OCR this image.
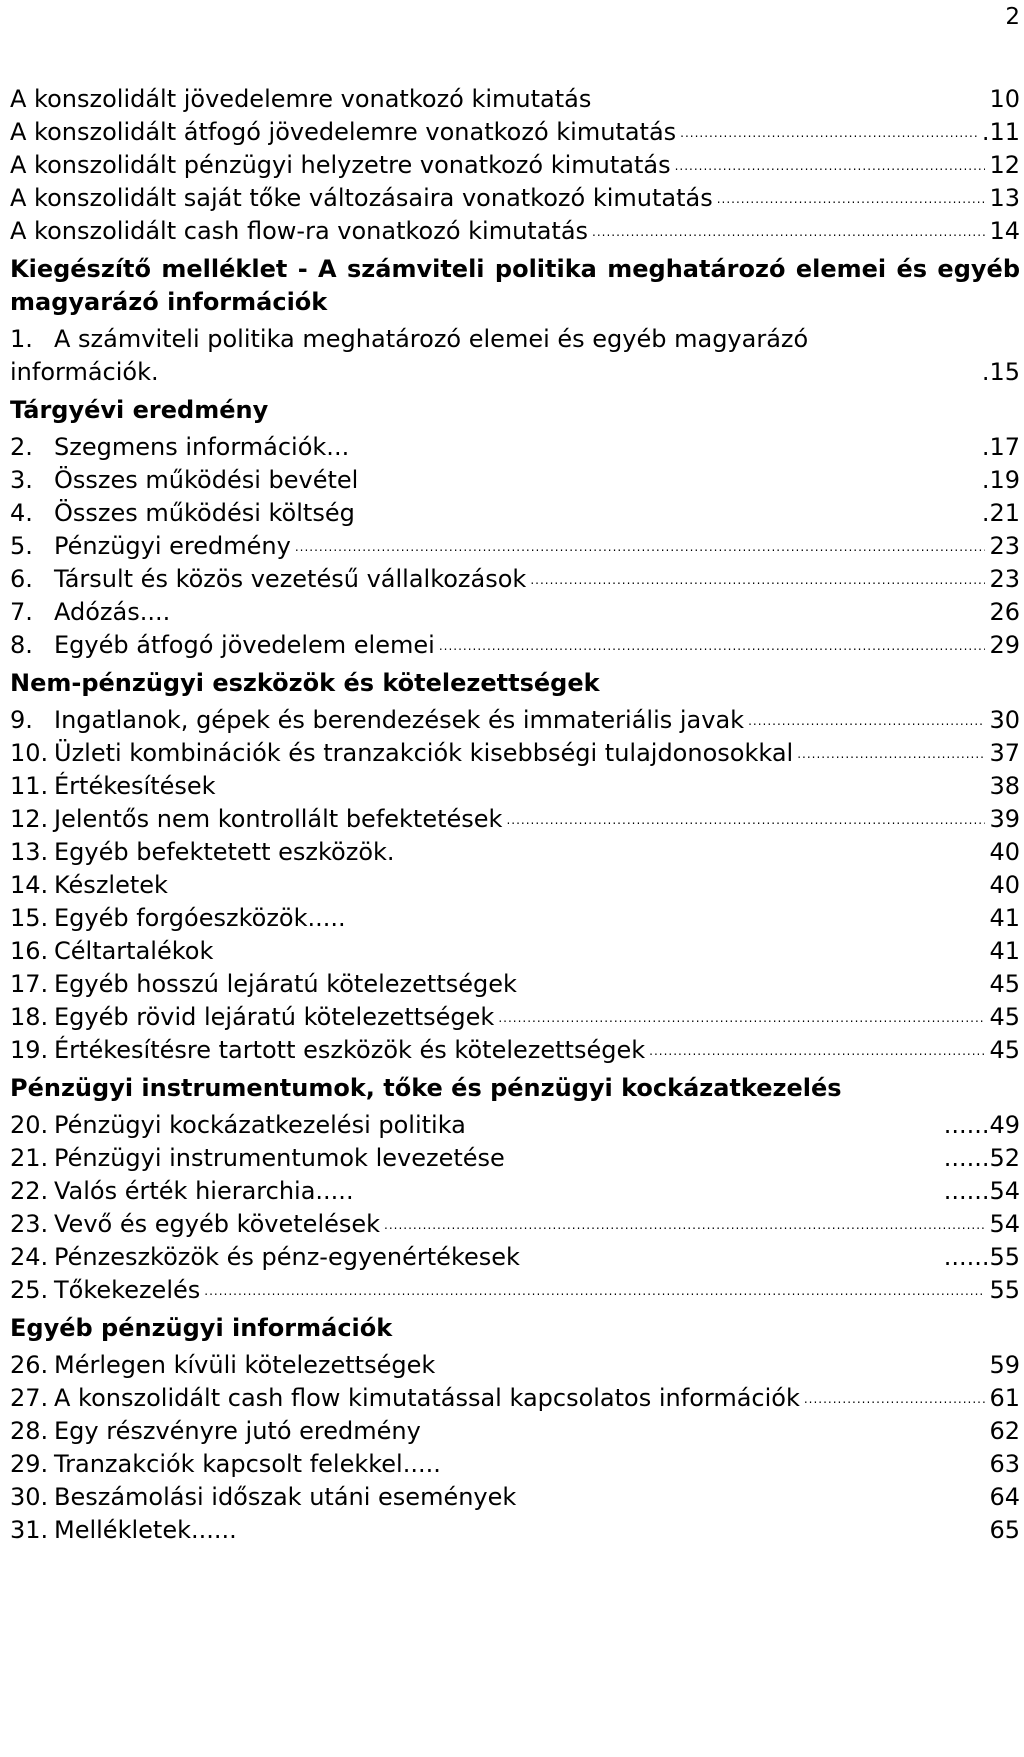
2
A konszolidált jövedelemre vonatkozó kimutatás	10
A konszolidált átfogó jövedelemre vonatkozó kimutatás .....	.11
A konszolidált pénzügyi helyzetre vonatkozó kimutatás .....	12
A konszolidált saját tőke változásaira vonatkozó kimutatás .....	13
A konszolidált cash flow-ra vonatkozó kimutatás .....	14
Kiegészítő melléklet - A számviteli politika meghatározó elemei és egyéb magyarázó információk
1. A számviteli politika meghatározó elemei és egyéb magyarázó
információk.	.15
Tárgyévi eredmény
2. Szegmens információk...	.17
3. Összes működési bevétel	.19
4. Összes működési költség	.21
5. Pénzügyi eredmény .....	23
6. Társult és közös vezetésű vállalkozások .....	23
7. Adózás....	26
8. Egyéb átfogó jövedelem elemei .....	29
Nem-pénzügyi eszközök és kötelezettségek
9. Ingatlanok, gépek és berendezések és immateriális javak .....	30
10. Üzleti kombinációk és tranzakciók kisebbségi tulajdonosokkal .....	37
11. Értékesítések	38
12. Jelentős nem kontrollált befektetések .....	39
13. Egyéb befektetett eszközök.	40
14. Készletek	40
15. Egyéb forgóeszközök.....	41
16. Céltartalékok	41
17. Egyéb hosszú lejáratú kötelezettségek	45
18. Egyéb rövid lejáratú kötelezettségek .....	45
19. Értékesítésre tartott eszközök és kötelezettségek .....	45
Pénzügyi instrumentumok, tőke és pénzügyi kockázatkezelés
20. Pénzügyi kockázatkezelési politika	......49
21. Pénzügyi instrumentumok levezetése	......52
22. Valós érték hierarchia.....	......54
23. Vevő és egyéb követelések .....	54
24. Pénzeszközök és pénz-egyenértékesek	......55
25. Tőkekezelés .....	55
Egyéb pénzügyi információk
26. Mérlegen kívüli kötelezettségek	59
27. A konszolidált cash flow kimutatással kapcsolatos információk .....	61
28. Egy részvényre jutó eredmény	62
29. Tranzakciók kapcsolt felekkel.....	63
30. Beszámolási időszak utáni események	64
31. Mellékletek......	65
